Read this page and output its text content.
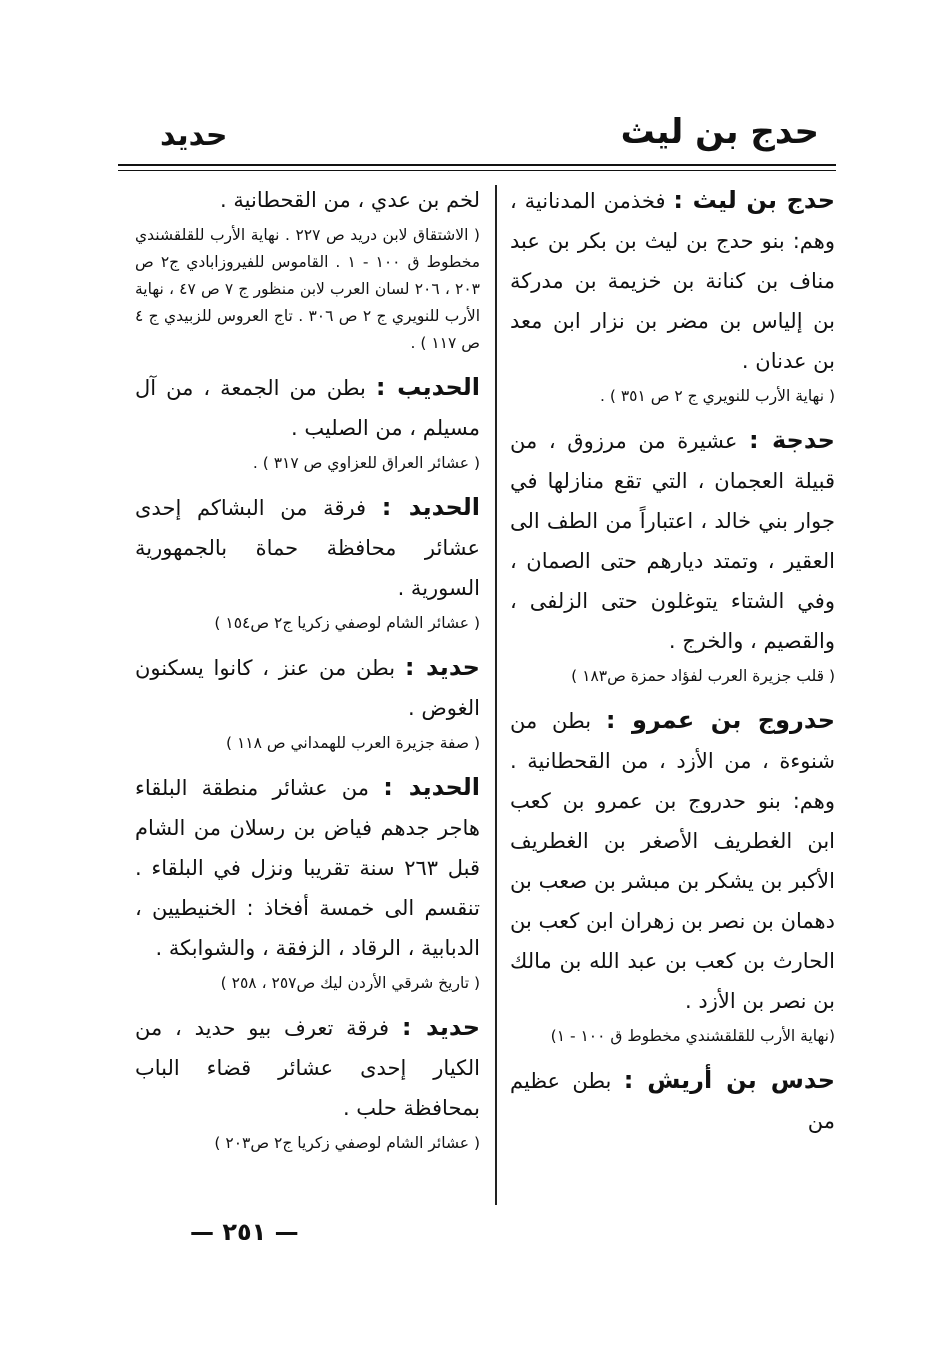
حدج بن ليث
حديد

حدج بن ليث : فخذمن المدنانية ، وهم: بنو حدج بن ليث بن بكر بن عبد مناف بن كنانة بن خزيمة بن مدركة بن إلياس بن مضر بن نزار ابن معد بن عدنان .

( نهاية الأرب للنويري ج ٢ ص ٣٥١ ) .

حدجة : عشيرة من مرزوق ، من قبيلة العجمان ، التي تقع منازلها في جوار بني خالد ، اعتباراً من الطف الى العقير ، وتمتد ديارهم حتى الصمان ، وفي الشتاء يتوغلون حتى الزلفى ، والقصيم ، والخرج .

( قلب جزيرة العرب لفؤاد حمزة ص١٨٣ )

حدروج بن عمرو : بطن من شنوءة ، من الأزد ، من القحطانية . وهم: بنو حدروج بن عمرو بن كعب ابن الغطريف الأصغر بن الغطريف الأكبر بن يشكر بن مبشر بن صعب بن دهمان بن نصر بن زهران ابن كعب بن الحارث بن كعب بن عبد الله بن مالك بن نصر بن الأزد .

(نهاية الأرب للقلقشندي مخطوط ق ١٠٠ - ١)

حدس بن أريش : بطن عظيم من

لخم بن عدي ، من القحطانية .

( الاشتقاق لابن دريد ص ٢٢٧ . نهاية الأرب للقلقشندي مخطوط ق ١٠٠ - ١ . القاموس للفيروزابادي ج٢ ص ٢٠٣ ، ٢٠٦ لسان العرب لابن منظور ج ٧ ص ٤٧ ، نهاية الأرب للنويري ج ٢ ص ٣٠٦ . تاج العروس للزبيدي ج ٤ ص ١١٧ ) .

الحديب : بطن من الجمعة ، من آل مسيلم ، من الصليب .

( عشائر العراق للعزاوي ص ٣١٧ ) .

الحديد : فرقة من البشاكم إحدى عشائر محافظة حماة بالجمهورية السورية .

( عشائر الشام لوصفي زكريا ج٢ ص١٥٤ )

حديد : بطن من عنز ، كانوا يسكنون الغوض .

( صفة جزيرة العرب للهمداني ص ١١٨ )

الحديد : من عشائر منطقة البلقاء هاجر جدهم فياض بن رسلان من الشام قبل ٢٦٣ سنة تقريبا ونزل في البلقاء . تنقسم الى خمسة أفخاذ : الخنيطيين ، الدبابية ، الرقاد ، الزفقة ، والشوابكة .

( تاريخ شرقي الأردن ليك ص٢٥٧ ، ٢٥٨ )

حديد : فرقة تعرف بيو حديد ، من الكيار إحدى عشائر قضاء الباب بمحافظة حلب .

( عشائر الشام لوصفي زكريا ج٢ ص٢٠٣ )

— ٢٥١ —
